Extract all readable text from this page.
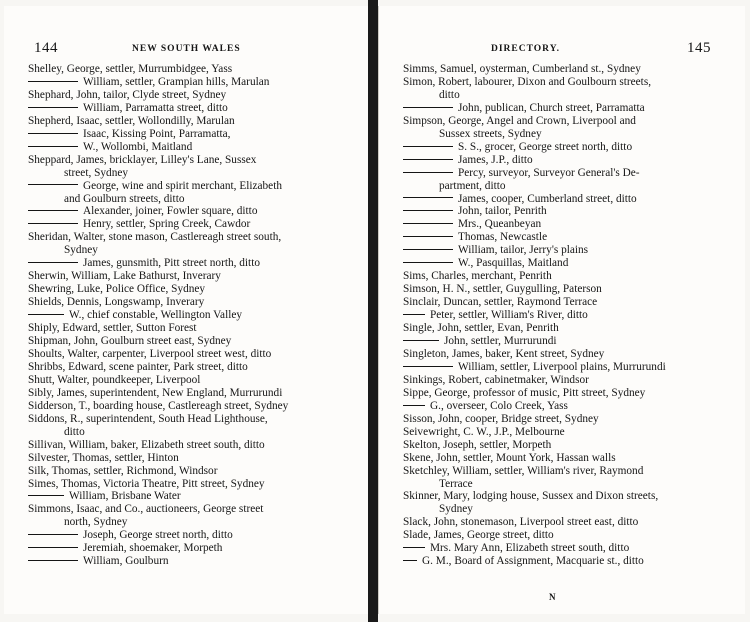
144	NEW SOUTH WALES
Shelley, George, settler, Murrumbidgee, Yass
William, settler, Grampian hills, Marulan
Shephard, John, tailor, Clyde street, Sydney
William, Parramatta street, ditto
Shepherd, Isaac, settler, Wollondilly, Marulan
Isaac, Kissing Point, Parramatta,
W., Wollombi, Maitland
Sheppard, James, bricklayer, Lilley's Lane, Sussex
street, Sydney
George, wine and spirit merchant, Elizabeth
and Goulburn streets, ditto
Alexander, joiner, Fowler square, ditto
Henry, settler, Spring Creek, Cawdor
Sheridan, Walter, stone mason, Castlereagh street south,
Sydney
James, gunsmith, Pitt street north, ditto
Sherwin, William, Lake Bathurst, Inverary
Shewring, Luke, Police Office, Sydney
Shields, Dennis, Longswamp, Inverary
W., chief constable, Wellington Valley
Shiply, Edward, settler, Sutton Forest
Shipman, John, Goulburn street east, Sydney
Shoults, Walter, carpenter, Liverpool street west, ditto
Shribbs, Edward, scene painter, Park street, ditto
Shutt, Walter, poundkeeper, Liverpool
Sibly, James, superintendent, New England, Murrurundi
Sidderson, T., boarding house, Castlereagh street, Sydney
Siddons, R., superintendent, South Head Lighthouse,
ditto
Sillivan, William, baker, Elizabeth street south, ditto
Silvester, Thomas, settler, Hinton
Silk, Thomas, settler, Richmond, Windsor
Simes, Thomas, Victoria Theatre, Pitt street, Sydney
William, Brisbane Water
Simmons, Isaac, and Co., auctioneers, George street
north, Sydney
Joseph, George street north, ditto
Jeremiah, shoemaker, Morpeth
William, Goulburn
DIRECTORY.	145
Simms, Samuel, oysterman, Cumberland st., Sydney
Simon, Robert, labourer, Dixon and Goulbourn streets,
ditto
John, publican, Church street, Parramatta
Simpson, George, Angel and Crown, Liverpool and
Sussex streets, Sydney
S. S., grocer, George street north, ditto
James, J.P., ditto
Percy, surveyor, Surveyor General's De-
partment, ditto
James, cooper, Cumberland street, ditto
John, tailor, Penrith
Mrs., Queanbeyan
Thomas, Newcastle
William, tailor, Jerry's plains
W., Pasquillas, Maitland
Sims, Charles, merchant, Penrith
Simson, H. N., settler, Guygulling, Paterson
Sinclair, Duncan, settler, Raymond Terrace
Peter, settler, William's River, ditto
Single, John, settler, Evan, Penrith
John, settler, Murrurundi
Singleton, James, baker, Kent street, Sydney
William, settler, Liverpool plains, Murrurundi
Sinkings, Robert, cabinetmaker, Windsor
Sippe, George, professor of music, Pitt street, Sydney
G., overseer, Colo Creek, Yass
Sisson, John, cooper, Bridge street, Sydney
Seivewright, C. W., J.P., Melbourne
Skelton, Joseph, settler, Morpeth
Skene, John, settler, Mount York, Hassan walls
Sketchley, William, settler, William's river, Raymond
Terrace
Skinner, Mary, lodging house, Sussex and Dixon streets,
Sydney
Slack, John, stonemason, Liverpool street east, ditto
Slade, James, George street, ditto
Mrs. Mary Ann, Elizabeth street south, ditto
G. M., Board of Assignment, Macquarie st., ditto
N
